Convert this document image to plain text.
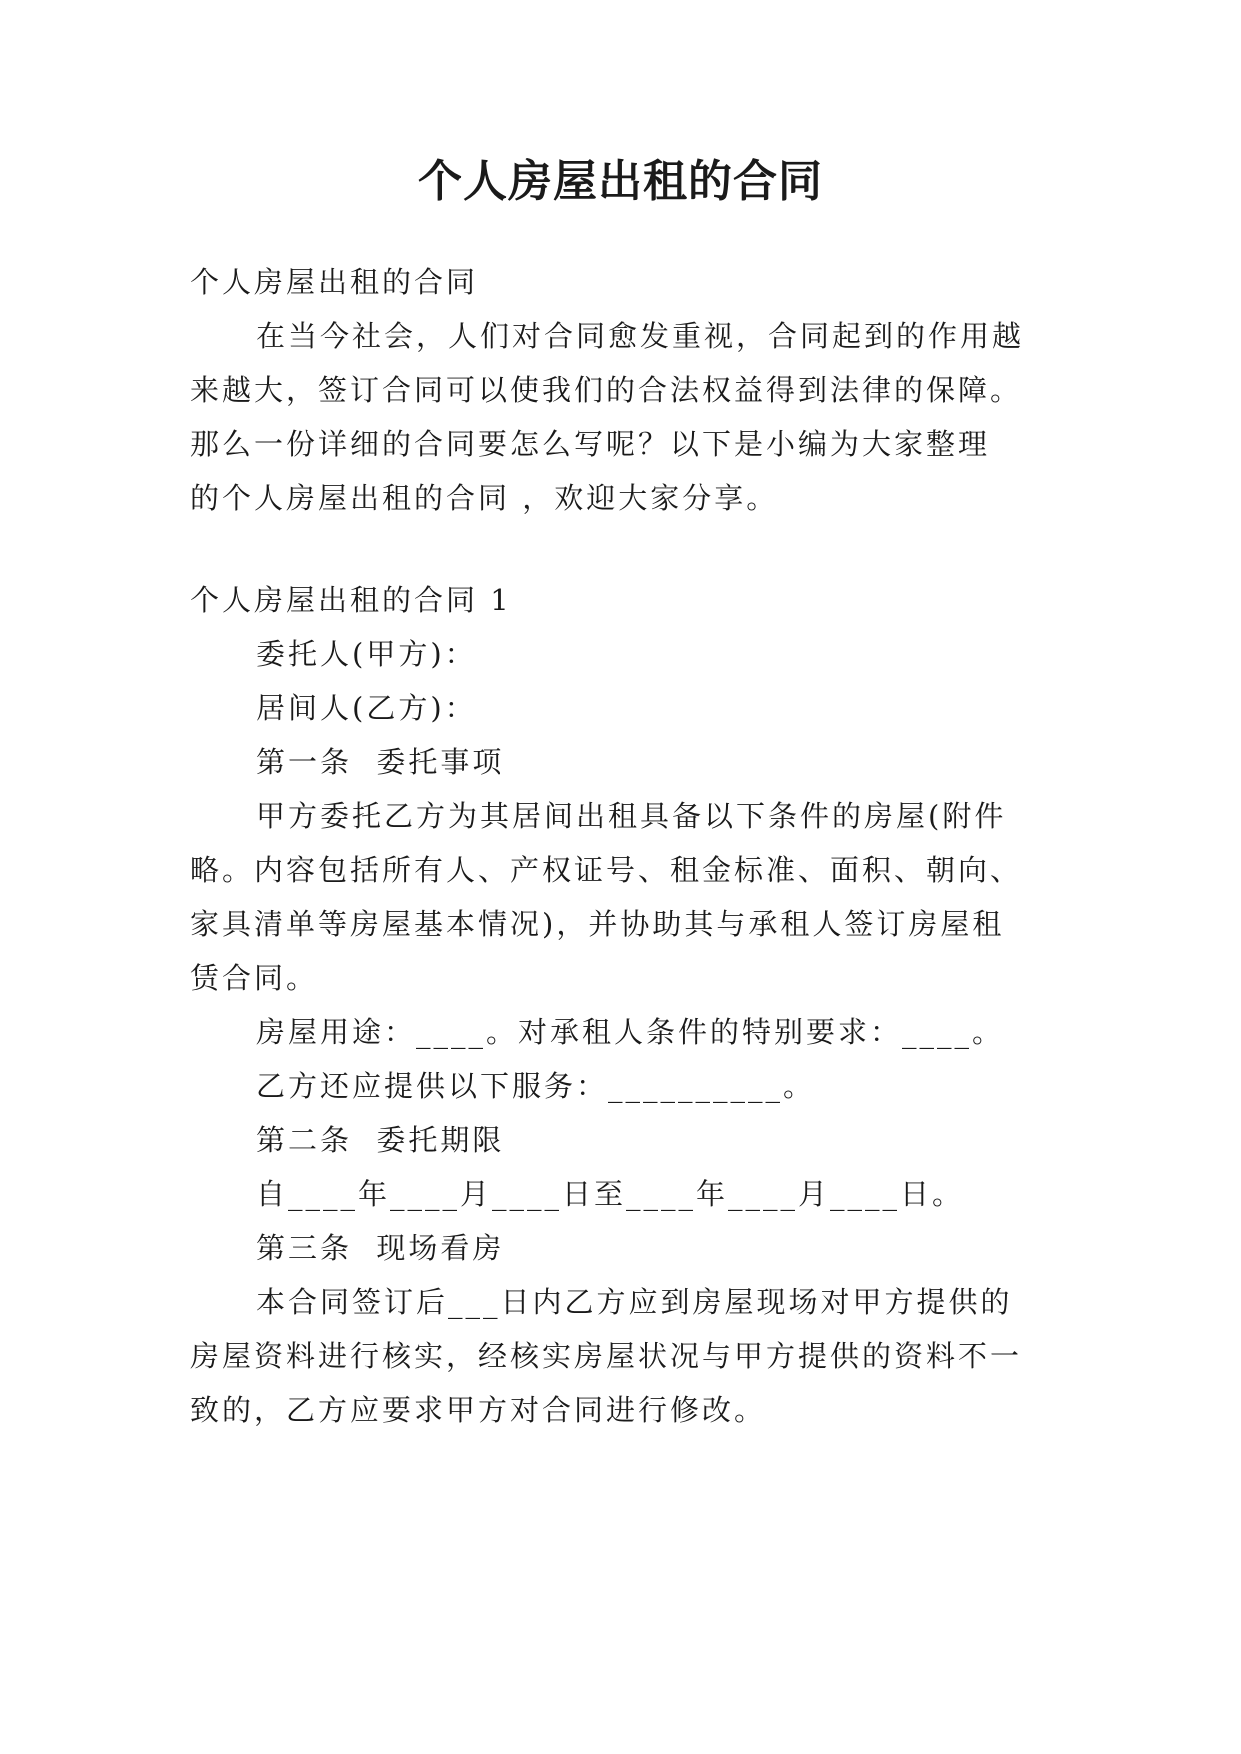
个人房屋出租的合同
个人房屋出租的合同
在当今社会，人们对合同愈发重视，合同起到的作用越
来越大，签订合同可以使我们的合法权益得到法律的保障。
那么一份详细的合同要怎么写呢？以下是小编为大家整理
的个人房屋出租的合同 ，欢迎大家分享。
个人房屋出租的合同 1
委托人(甲方)：
居间人(乙方)：
第一条  委托事项
甲方委托乙方为其居间出租具备以下条件的房屋(附件
略。内容包括所有人、产权证号、租金标准、面积、朝向、
家具清单等房屋基本情况)，并协助其与承租人签订房屋租
赁合同。
房屋用途：____。对承租人条件的特别要求：____。
乙方还应提供以下服务：__________。
第二条  委托期限
自____年____月____日至____年____月____日。
第三条  现场看房
本合同签订后___日内乙方应到房屋现场对甲方提供的
房屋资料进行核实，经核实房屋状况与甲方提供的资料不一
致的，乙方应要求甲方对合同进行修改。
